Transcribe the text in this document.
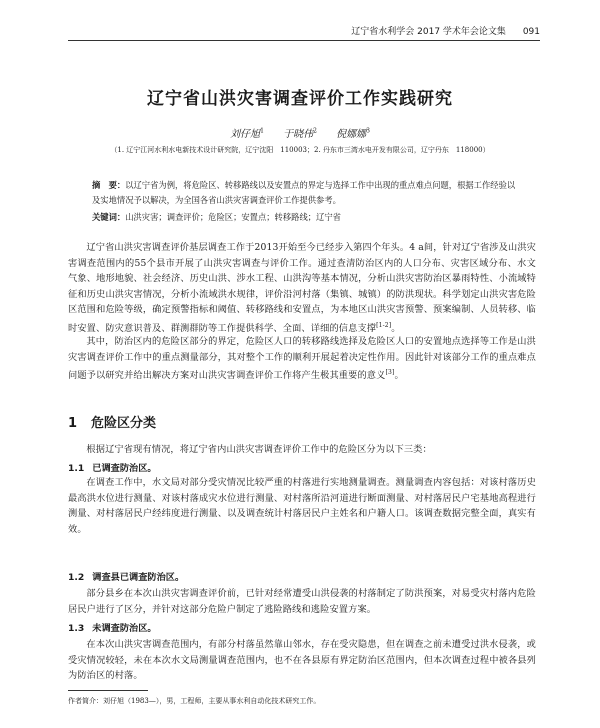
辽宁省水利学会 2017 学术年会论文集 091
辽宁省山洪灾害调查评价工作实践研究
刘仔旭$^1$ 于晓伟$^2$ 倪娜娜$^3$
（1. 辽宁江河水利水电新技术设计研究院，辽宁沈阳　110003；2. 丹东市三湾水电开发有限公司，辽宁丹东　118000）
摘　要：以辽宁省为例，将危险区、转移路线以及安置点的界定与选择工作中出现的重点难点问题，根据工作经验以及实地情况予以解决，为全国各省山洪灾害调查评价工作提供参考。
关键词：山洪灾害；调查评价；危险区；安置点；转移路线；辽宁省

辽宁省山洪灾害调查评价基层调查工作于2013开始至今已经步入第四个年头。4 a间，针对辽宁省涉及山洪灾害调查范围内的55个县市开展了山洪灾害调查与评价工作。通过查清防治区内的人口分布、灾害区域分布、水文气象、地形地貌、社会经济、历史山洪、涉水工程、山洪沟等基本情况，分析山洪灾害防治区暴雨特性、小流域特征和历史山洪灾害情况，分析小流域洪水规律，评价沿河村落（集镇、城镇）的防洪现状。科学划定山洪灾害危险区范围和危险等级，确定预警指标和阈值、转移路线和安置点，为本地区山洪灾害预警、预案编制、人员转移、临时安置、防灾意识普及、群测群防等工作提供科学、全面、详细的信息支撑[1-2]。

其中，防治区内的危险区部分的界定，危险区人口的转移路线选择及危险区人口的安置地点选择等工作是山洪灾害调查评价工作中的重点测量部分，其对整个工作的顺利开展起着决定性作用。因此针对该部分工作的重点难点问题予以研究并给出解决方案对山洪灾害调查评价工作将产生极其重要的意义[3]。

1 危险区分类

根据辽宁省现有情况，将辽宁省内山洪灾害调查评价工作中的危险区分为以下三类：

1.1 已调查防治区。

在调查工作中，水文局对部分受灾情况比较严重的村落进行实地测量调查。测量调查内容包括：对该村落历史最高洪水位进行测量、对该村落成灾水位进行测量、对村落所沿河道进行断面测量、对村落居民户宅基地高程进行测量、对村落居民户经纬度进行测量、以及调查统计村落居民户主姓名和户籍人口。该调查数据完整全面，真实有效。

1.2 调查县已调查防治区。

部分县乡在本次山洪灾害调查评价前，已针对经常遭受山洪侵袭的村落制定了防洪预案，对易受灾村落内危险居民户进行了区分，并针对这部分危险户制定了逃险路线和逃险安置方案。

1.3 未调查防治区。

在本次山洪灾害调查范围内，有部分村落虽然靠山邻水，存在受灾隐患，但在调查之前未遭受过洪水侵袭，或受灾情况较轻，未在本次水文局测量调查范围内，也不在各县原有界定防治区范围内，但本次调查过程中被各县列为防治区的村落。

作者简介：刘仔旭（1983—），男，工程师，主要从事水利自动化技术研究工作。
